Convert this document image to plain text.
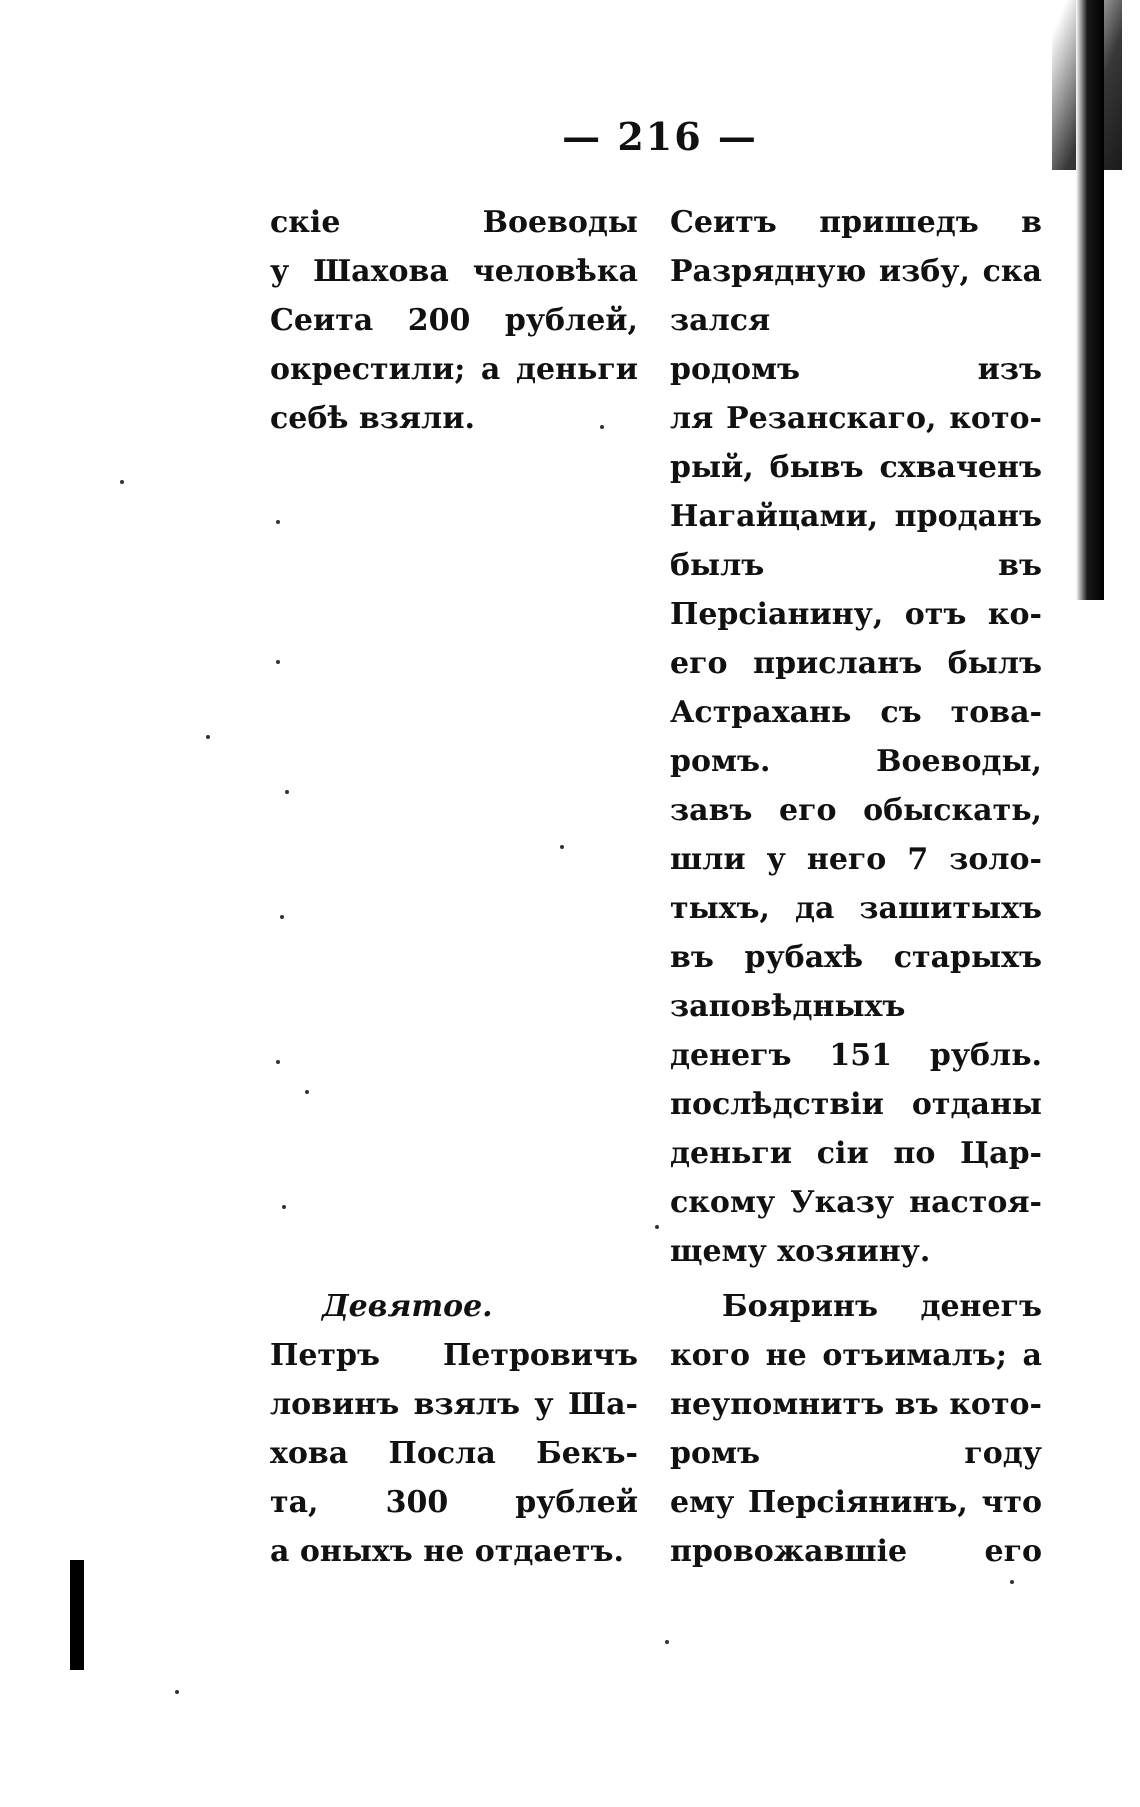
— 216 —
скіе Воеводы
у Шахова человѣка
Сеита 200 рублей,
окрестили; а деньги
себѣ взяли.
Сеитъ пришедъ в
Разрядную избу, ска
зался
родомъ изъ
ля Резанскаго, кото-
рый, бывъ схваченъ
Нагайцами, проданъ
былъ въ
Персіанину, отъ ко-
его присланъ былъ
Астрахань съ това-
ромъ. Воеводы,
завъ его обыскать,
шли у него 7 золо-
тыхъ, да зашитыхъ
въ рубахѣ старыхъ
заповѣдныхъ
денегъ 151 рубль.
послѣдствіи отданы
деньги сіи по Цар-
скому Указу настоя-
щему хозяину.
Девятое.
Петръ Петровичъ
ловинъ взялъ у Ша-
хова Посла Бекъ-
та, 300 рублей
а оныхъ не отдаетъ.
Бояринъ денегъ
кого не отъималъ; а
неупомнитъ въ кото-
ромъ году
ему Персіянинъ, что
провожавшіе его
